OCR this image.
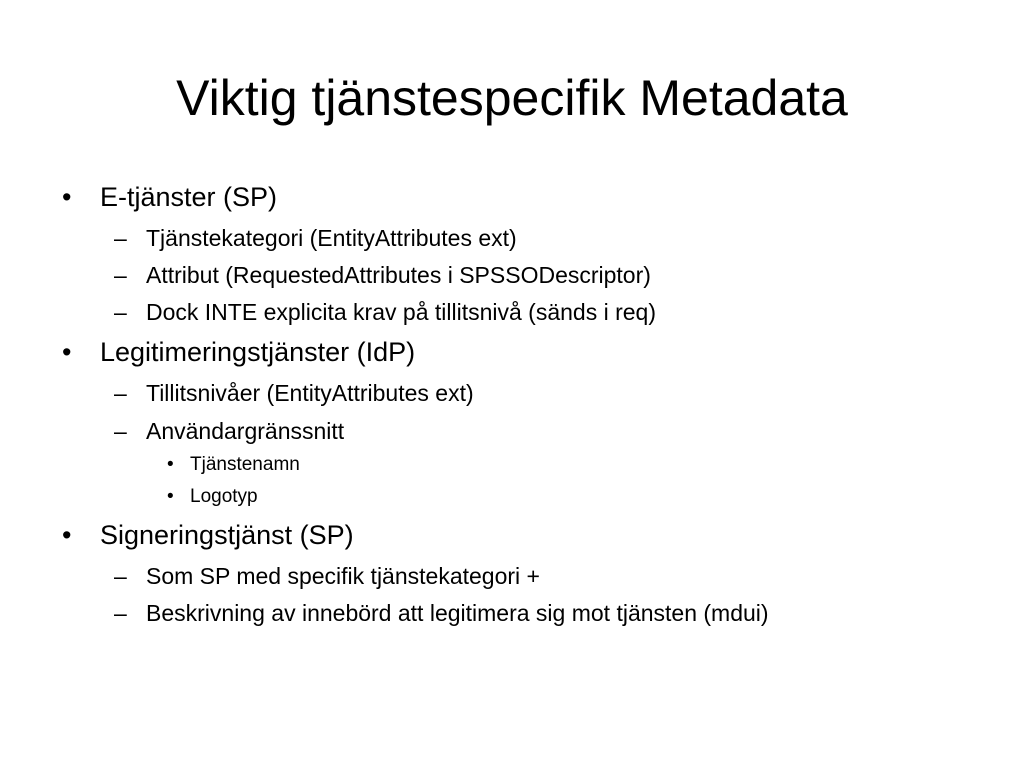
Viktig tjänstespecifik Metadata
• E-tjänster (SP)
– Tjänstekategori (EntityAttributes ext)
– Attribut (RequestedAttributes i SPSSODescriptor)
– Dock INTE explicita krav på tillitsnivå (sänds i req)
• Legitimeringstjänster (IdP)
– Tillitsnivåer (EntityAttributes ext)
– Användargränssnitt
• Tjänstenamn
• Logotyp
• Signeringstjänst (SP)
– Som SP med specifik tjänstekategori +
– Beskrivning av innebörd att legitimera sig mot tjänsten (mdui)
